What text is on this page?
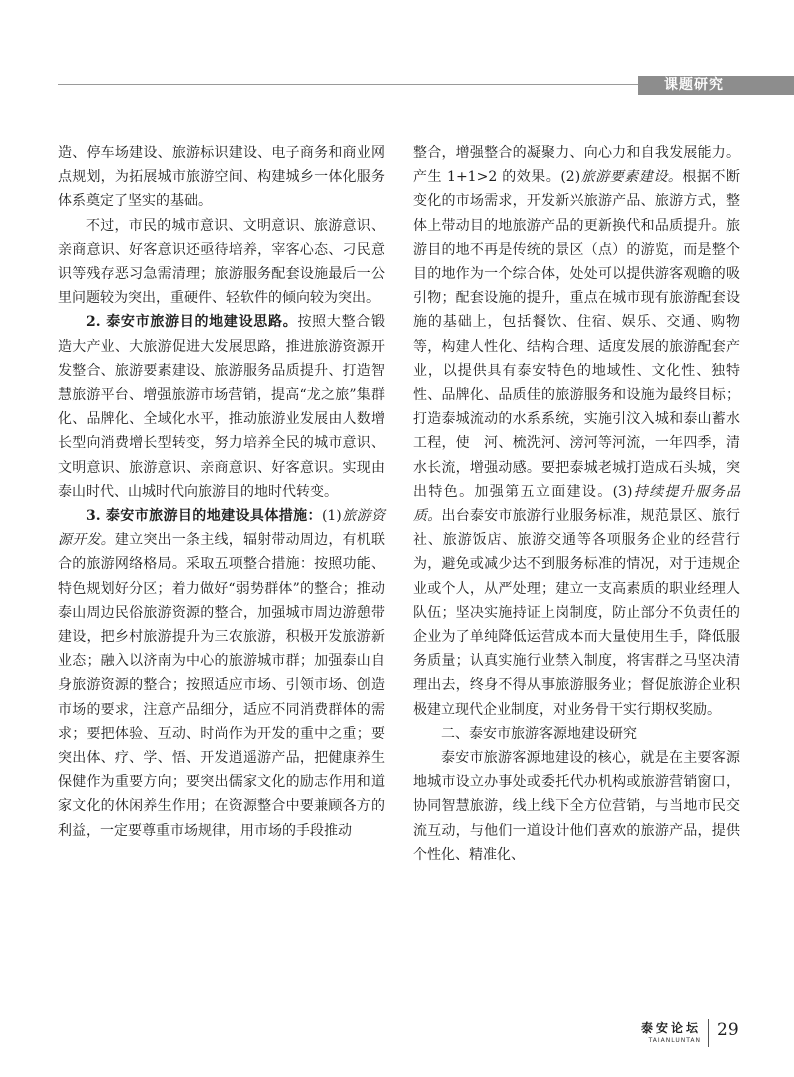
课题研究

造、停车场建设、旅游标识建设、电子商务和商业网点规划，为拓展城市旅游空间、构建城乡一体化服务体系奠定了坚实的基础。

不过，市民的城市意识、文明意识、旅游意识、亲商意识、好客意识还亟待培养，宰客心态、刁民意识等残存恶习急需清理；旅游服务配套设施最后一公里问题较为突出，重硬件、轻软件的倾向较为突出。

2. 泰安市旅游目的地建设思路。按照大整合锻造大产业、大旅游促进大发展思路，推进旅游资源开发整合、旅游要素建设、旅游服务品质提升、打造智慧旅游平台、增强旅游市场营销，提高“龙之旅”集群化、品牌化、全域化水平，推动旅游业发展由人数增长型向消费增长型转变，努力培养全民的城市意识、文明意识、旅游意识、亲商意识、好客意识。实现由泰山时代、山城时代向旅游目的地时代转变。

3. 泰安市旅游目的地建设具体措施：(1)旅游资源开发。建立突出一条主线，辐射带动周边，有机联合的旅游网络格局。采取五项整合措施：按照功能、特色规划好分区；着力做好“弱势群体”的整合；推动泰山周边民俗旅游资源的整合，加强城市周边游憩带建设，把乡村旅游提升为三农旅游，积极开发旅游新业态；融入以济南为中心的旅游城市群；加强泰山自身旅游资源的整合；按照适应市场、引领市场、创造市场的要求，注意产品细分，适应不同消费群体的需求；要把体验、互动、时尚作为开发的重中之重；要突出体、疗、学、悟、开发逍遥游产品，把健康养生保健作为重要方向；要突出儒家文化的励志作用和道家文化的休闲养生作用；在资源整合中要兼顾各方的利益，一定要尊重市场规律，用市场的手段推动

整合，增强整合的凝聚力、向心力和自我发展能力。产生 1+1>2 的效果。(2)旅游要素建设。根据不断变化的市场需求，开发新兴旅游产品、旅游方式，整体上带动目的地旅游产品的更新换代和品质提升。旅游目的地不再是传统的景区（点）的游览，而是整个目的地作为一个综合体，处处可以提供游客观瞻的吸引物；配套设施的提升，重点在城市现有旅游配套设施的基础上，包括餐饮、住宿、娱乐、交通、购物等，构建人性化、结构合理、适度发展的旅游配套产业，以提供具有泰安特色的地域性、文化性、独特性、品牌化、品质佳的旅游服务和设施为最终目标；打造泰城流动的水系系统，实施引汶入城和泰山蓄水工程，使　河、梳洗河、滂河等河流，一年四季，清水长流，增强动感。要把泰城老城打造成石头城，突出特色。加强第五立面建设。(3)持续提升服务品质。出台泰安市旅游行业服务标准，规范景区、旅行社、旅游饭店、旅游交通等各项服务企业的经营行为，避免或减少达不到服务标准的情况，对于违规企业或个人，从严处理；建立一支高素质的职业经理人队伍；坚决实施持证上岗制度，防止部分不负责任的企业为了单纯降低运营成本而大量使用生手，降低服务质量；认真实施行业禁入制度，将害群之马坚决清理出去，终身不得从事旅游服务业；督促旅游企业积极建立现代企业制度，对业务骨干实行期权奖励。

二、泰安市旅游客源地建设研究

泰安市旅游客源地建设的核心，就是在主要客源地城市设立办事处或委托代办机构或旅游营销窗口，协同智慧旅游，线上线下全方位营销，与当地市民交流互动，与他们一道设计他们喜欢的旅游产品，提供个性化、精准化、

泰安论坛
TAIANLUNTAN
29
